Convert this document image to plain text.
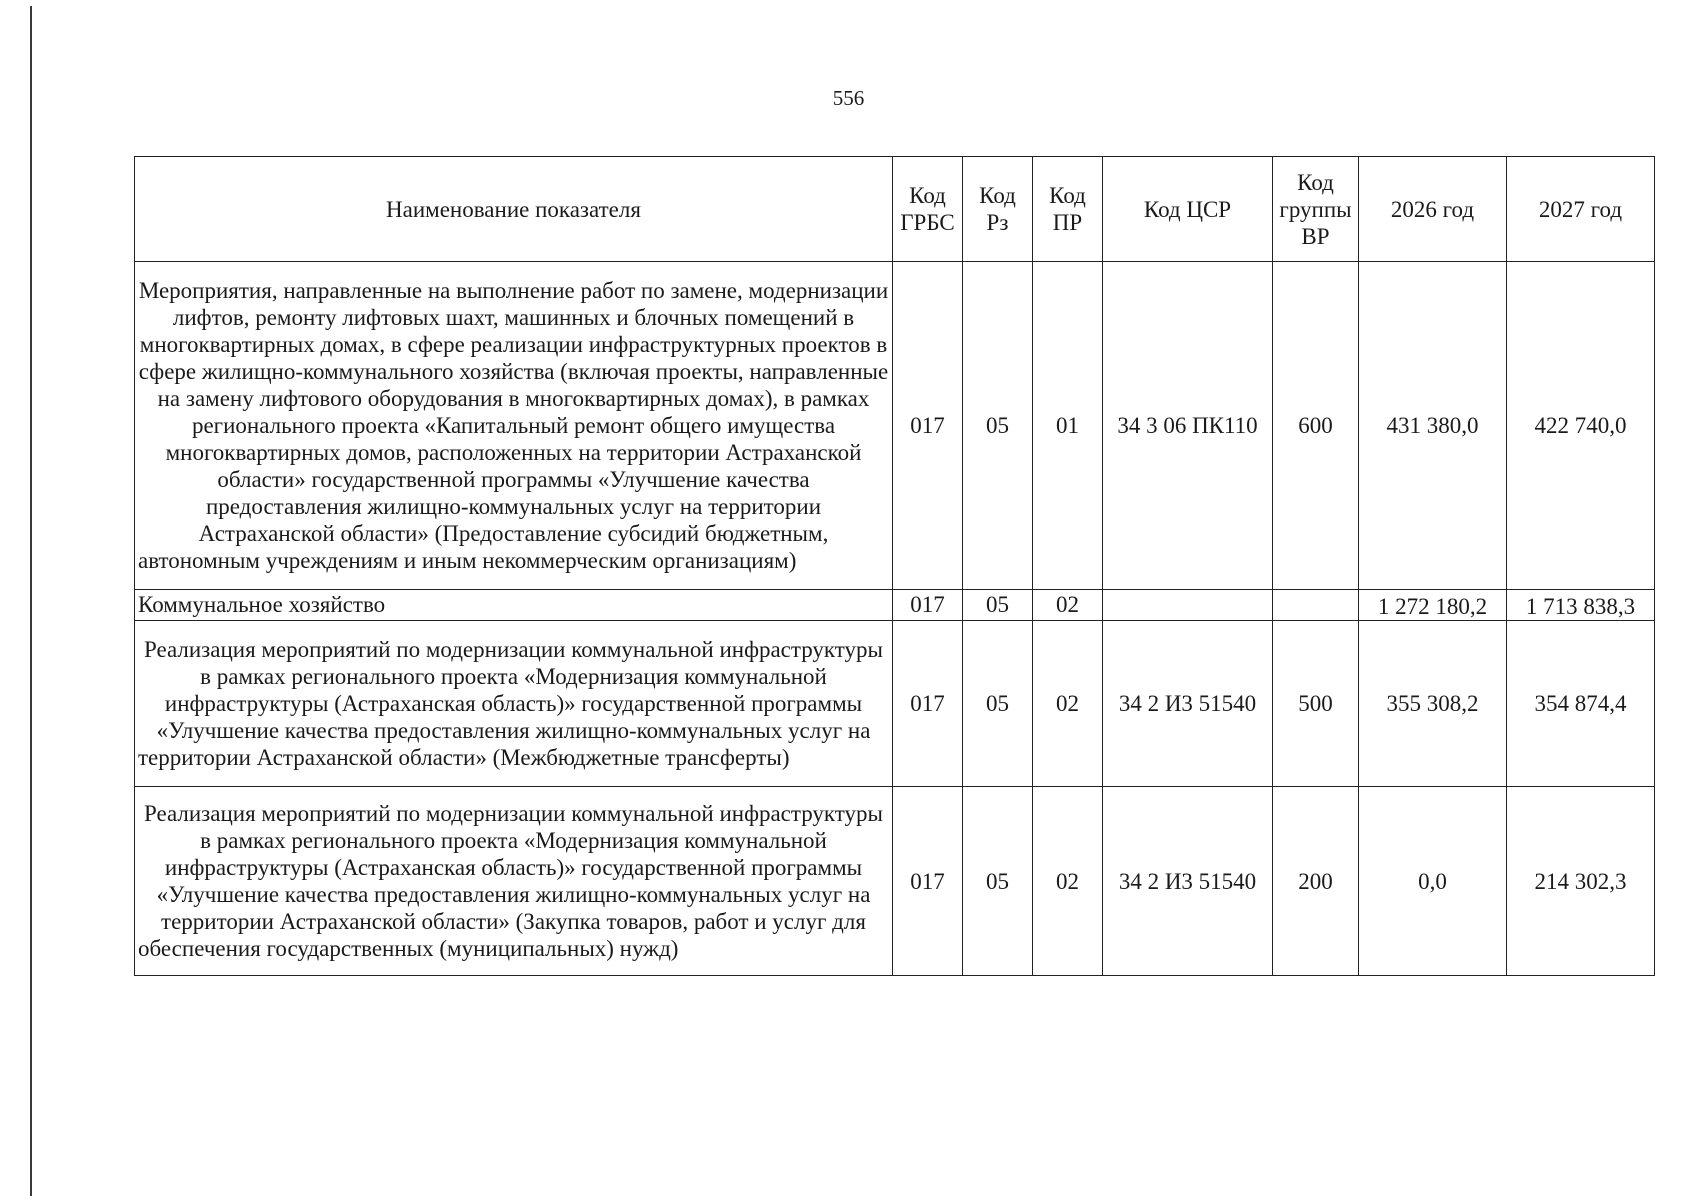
556
Наименование показателя	Код ГРБС	Код Рз	Код ПР	Код ЦСР	Код группы ВР	2026 год	2027 год
Мероприятия, направленные на выполнение работ по замене, модернизации лифтов, ремонту лифтовых шахт, машинных и блочных помещений в многоквартирных домах, в сфере реализации инфраструктурных проектов в сфере жилищно-коммунального хозяйства (включая проекты, направленные на замену лифтового оборудования в многоквартирных домах), в рамках регионального проекта «Капитальный ремонт общего имущества многоквартирных домов, расположенных на территории Астраханской области» государственной программы «Улучшение качества предоставления жилищно-коммунальных услуг на территории Астраханской области» (Предоставление субсидий бюджетным, автономным учреждениям и иным некоммерческим организациям)	017	05	01	34 3 06 ПК110	600	431 380,0	422 740,0
Коммунальное хозяйство	017	05	02			1 272 180,2	1 713 838,3
Реализация мероприятий по модернизации коммунальной инфраструктуры в рамках регионального проекта «Модернизация коммунальной инфраструктуры (Астраханская область)» государственной программы «Улучшение качества предоставления жилищно-коммунальных услуг на территории Астраханской области» (Межбюджетные трансферты)	017	05	02	34 2 И3 51540	500	355 308,2	354 874,4
Реализация мероприятий по модернизации коммунальной инфраструктуры в рамках регионального проекта «Модернизация коммунальной инфраструктуры (Астраханская область)» государственной программы «Улучшение качества предоставления жилищно-коммунальных услуг на территории Астраханской области» (Закупка товаров, работ и услуг для обеспечения государственных (муниципальных) нужд)	017	05	02	34 2 И3 51540	200	0,0	214 302,3
